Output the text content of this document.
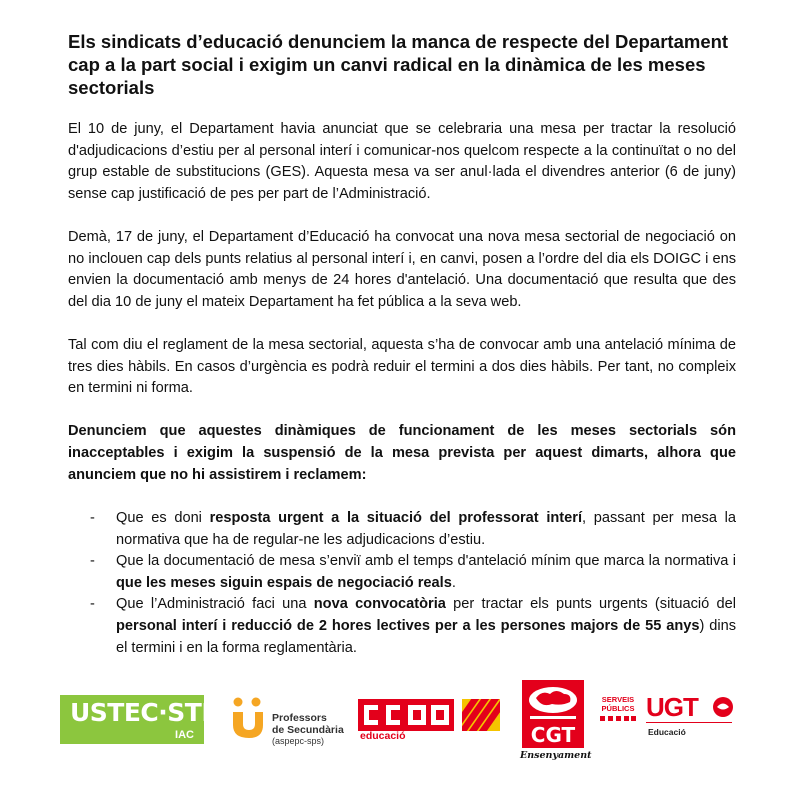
Els sindicats d’educació denunciem la manca de respecte del Departament cap a la part social i exigim un canvi radical en la dinàmica de les meses sectorials

El 10 de juny, el Departament havia anunciat que se celebraria una mesa per tractar la resolució d'adjudicacions d’estiu per al personal interí i comunicar-nos quelcom respecte a la continuïtat o no del grup estable de substitucions (GES). Aquesta mesa va ser anul·lada el divendres anterior (6 de juny) sense cap justificació de pes per part de l’Administració.

Demà, 17 de juny, el Departament d’Educació ha convocat una nova mesa sectorial de negociació on no inclouen cap dels punts relatius al personal interí i, en canvi, posen a l’ordre del dia els DOIGC i ens envien la documentació amb menys de 24 hores d'antelació. Una documentació que resulta que des del dia 10 de juny el mateix Departament ha fet pública a la seva web.

Tal com diu el reglament de la mesa sectorial, aquesta s’ha de convocar amb una antelació mínima de tres dies hàbils. En casos d’urgència es podrà reduir el termini a dos dies hàbils. Per tant, no compleix en termini ni forma.

Denunciem que aquestes dinàmiques de funcionament de les meses sectorials són inacceptables i exigim la suspensió de la mesa prevista per aquest dimarts, alhora que anunciem que no hi assistirem i reclamem:

- Que es doni resposta urgent a la situació del professorat interí, passant per mesa la normativa que ha de regular-ne les adjudicacions d’estiu.
- Que la documentació de mesa s’enviï amb el temps d'antelació mínim que marca la normativa i que les meses siguin espais de negociació reals.
- Que l’Administració faci una nova convocatòria per tractar els punts urgents (situació del personal interí i reducció de 2 hores lectives per a les persones majors de 55 anys) dins el termini i en la forma reglamentària.
USTEC·STEs
IAC
Professors
de Secundària
(aspepc-sps)	educació	CGT
Ensenyament
SERVEIS PÚBLICS UGT
Educació
